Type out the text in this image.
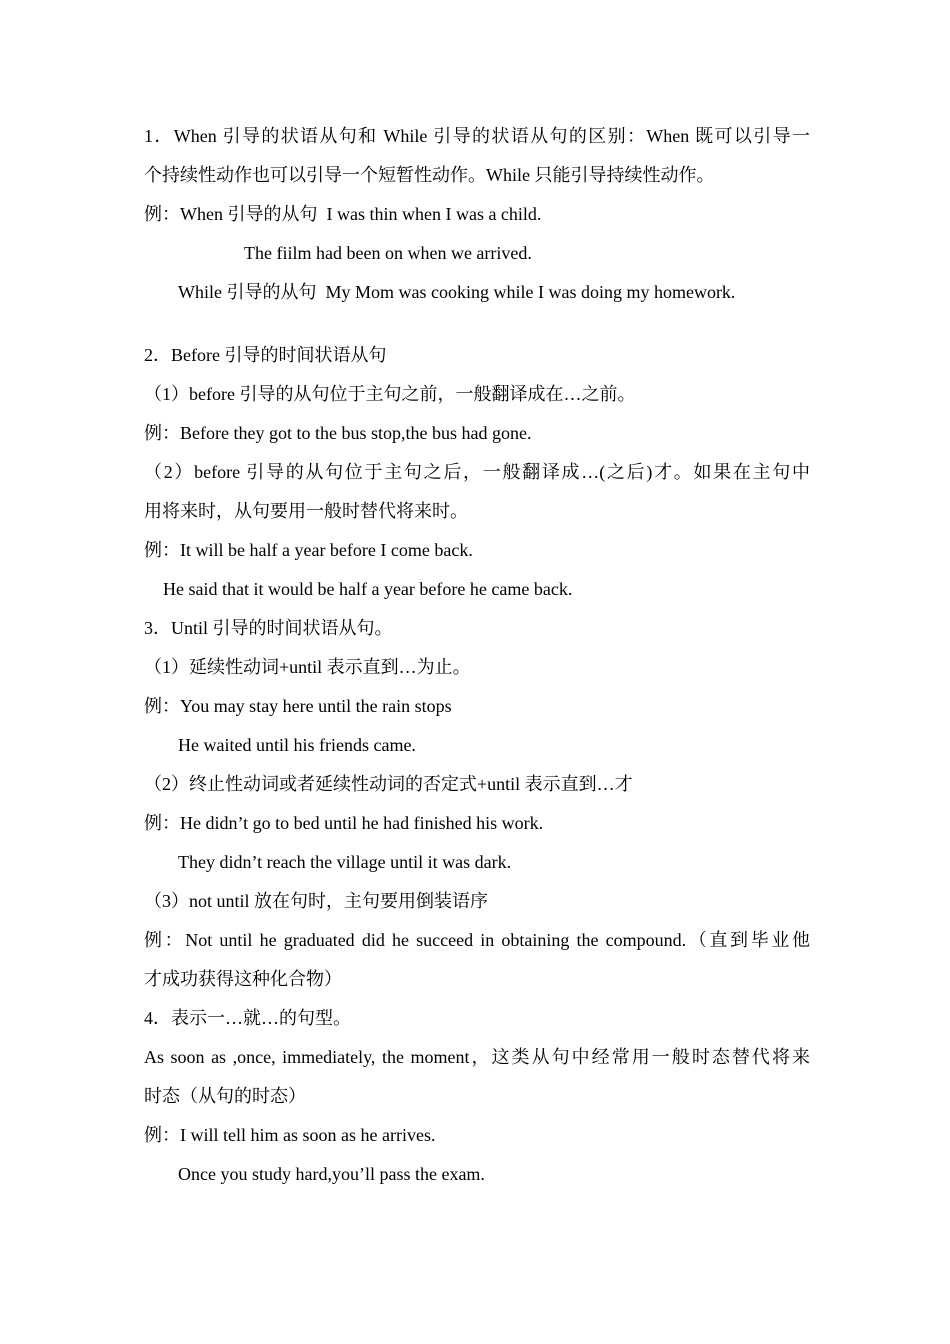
1．When 引导的状语从句和 While 引导的状语从句的区别：When 既可以引导一
个持续性动作也可以引导一个短暂性动作。While 只能引导持续性动作。
例：When 引导的从句  I was thin when I was a child.
The fiilm had been on when we arrived.
While 引导的从句  My Mom was cooking while I was doing my homework.
2．Before 引导的时间状语从句
（1）before 引导的从句位于主句之前，一般翻译成在…之前。
例：Before they got to the bus stop,the bus had gone.
（2）before 引导的从句位于主句之后，一般翻译成…(之后)才。如果在主句中
用将来时，从句要用一般时替代将来时。
例：It will be half a year before I come back.
He said that it would be half a year before he came back.
3．Until 引导的时间状语从句。
（1）延续性动词+until 表示直到…为止。
例：You may stay here until the rain stops
He waited until his friends came.
（2）终止性动词或者延续性动词的否定式+until 表示直到…才
例：He didn’t go to bed until he had finished his work.
They didn’t reach the village until it was dark.
（3）not until 放在句时，主句要用倒装语序
例：Not until he graduated did he succeed in obtaining the compound.（直到毕业他
才成功获得这种化合物）
4．表示一…就…的句型。
As soon as ,once, immediately, the moment，这类从句中经常用一般时态替代将来
时态（从句的时态）
例：I will tell him as soon as he arrives.
Once you study hard,you’ll pass the exam.
